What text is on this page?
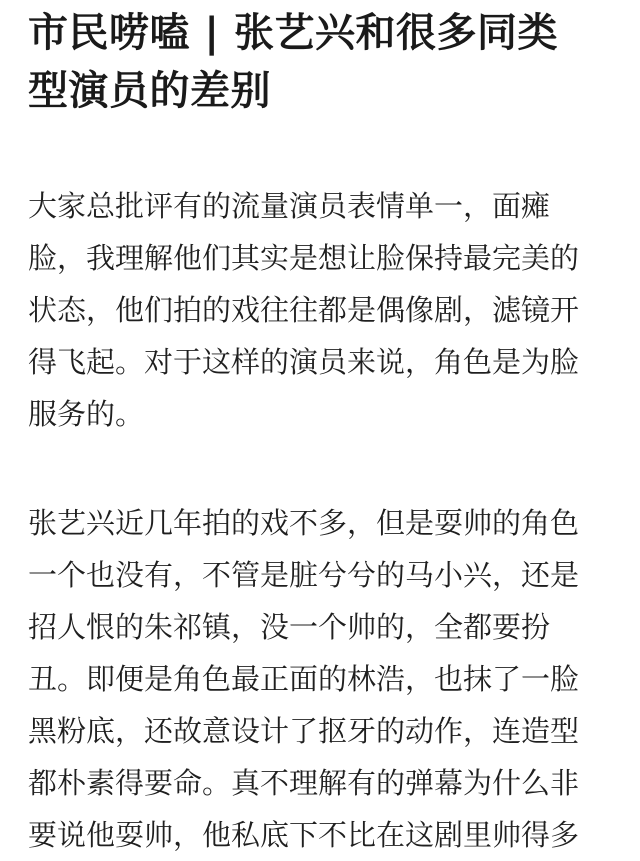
市民唠嗑 | 张艺兴和很多同类
型演员的差别
大家总批评有的流量演员表情单一，面瘫
脸，我理解他们其实是想让脸保持最完美的
状态，他们拍的戏往往都是偶像剧，滤镜开
得飞起。对于这样的演员来说，角色是为脸
服务的。
张艺兴近几年拍的戏不多，但是耍帅的角色
一个也没有，不管是脏兮兮的马小兴，还是
招人恨的朱祁镇，没一个帅的，全都要扮
丑。即便是角色最正面的林浩，也抹了一脸
黑粉底，还故意设计了抠牙的动作，连造型
都朴素得要命。真不理解有的弹幕为什么非
要说他耍帅，他私底下不比在这剧里帅得多
